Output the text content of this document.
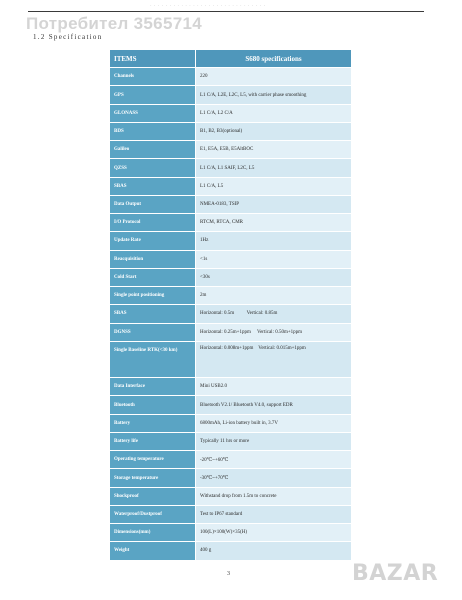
· · · · · · · · · · · · · · · · · · · · · · · · · · · · · ·
Потребител 3565714
1.2 Specification
ITEMS	S680 specifications
Channels	220
GPS	L1 C/A, L2E, L2C, L5, with carrier phase smoothing
GLONASS	L1 C/A, L2 C/A
BDS	B1, B2, B3(optional)
Galileo	E1, E5A, E5B, E5AltBOC
QZSS	L1 C/A, L1 SAIF, L2C, L5
SBAS	L1 C/A, L5
Data Output	NMEA-0183, TSIP
I/O Protocol	RTCM, RTCA, CMR
Update Rate	1Hz
Reacquisition	<1s
Cold Start	<30s
Single point positioning	2m
SBAS	Horizontal: 0.5m          Vertical: 0.85m
DGNSS	Horizontal: 0.25m+1ppm     Vertical: 0.50m+1ppm
Single Baseline RTK(<30 km)	Horizontal: 0.008m+1ppm    Vertical: 0.015m+1ppm
Data Interface	Mini USB2.0
Bluetooth	Bluetooth V2.1/ Bluetooth V4.0, support EDR
Battery	6800mAh, Li-ion battery built in, 3.7V
Battery life	Typically 11 hrs or more
Operating temperature	-20℃~+60℃
Storage temperature	-30℃~+70℃
Shockproof	Withstand drop from 1.5m to concrete
Waterproof/Dustproof	Test to IP67 standard
Dimensions(mm)	100(L)×100(W)×35(H)
Weight	400 g
3	BAZAR
